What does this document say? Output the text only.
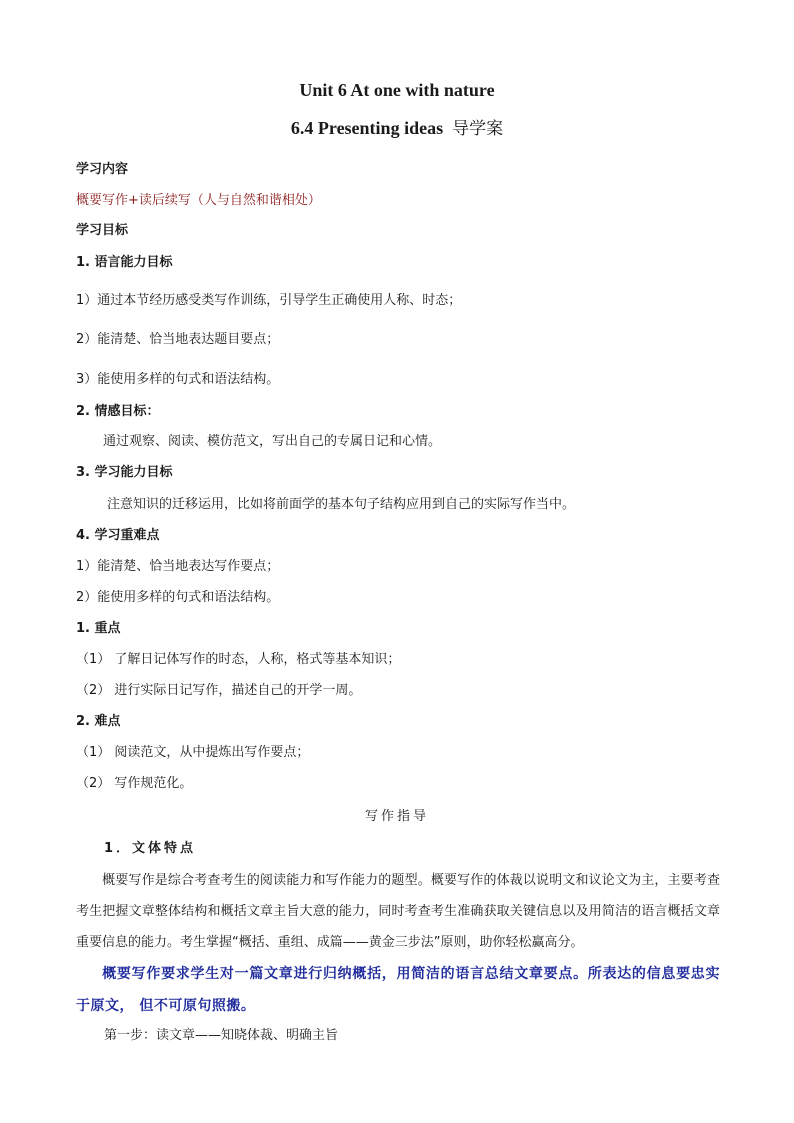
Unit 6 At one with nature
6.4 Presenting ideas 导学案
学习内容
概要写作+读后续写（人与自然和谐相处）
学习目标
1. 语言能力目标
1）通过本节经历感受类写作训练，引导学生正确使用人称、时态；
2）能清楚、恰当地表达题目要点；
3）能使用多样的句式和语法结构。
2. 情感目标：
通过观察、阅读、模仿范文，写出自己的专属日记和心情。
3. 学习能力目标
注意知识的迁移运用，比如将前面学的基本句子结构应用到自己的实际写作当中。
4. 学习重难点
1）能清楚、恰当地表达写作要点；
2）能使用多样的句式和语法结构。
1. 重点
（1） 了解日记体写作的时态，人称，格式等基本知识；
（2） 进行实际日记写作，描述自己的开学一周。
2. 难点
（1） 阅读范文，从中提炼出写作要点；
（2） 写作规范化。
写作指导
1．文体特点
概要写作是综合考查考生的阅读能力和写作能力的题型。概要写作的体裁以说明文和议论文为主，主要考查考生把握文章整体结构和概括文章主旨大意的能力，同时考查考生准确获取关键信息以及用简洁的语言概括文章重要信息的能力。考生掌握“概括、重组、成篇——黄金三步法”原则，助你轻松赢高分。
概要写作要求学生对一篇文章进行归纳概括，用简洁的语言总结文章要点。所表达的信息要忠实于原文， 但不可原句照搬。
第一步：读文章——知晓体裁、明确主旨
